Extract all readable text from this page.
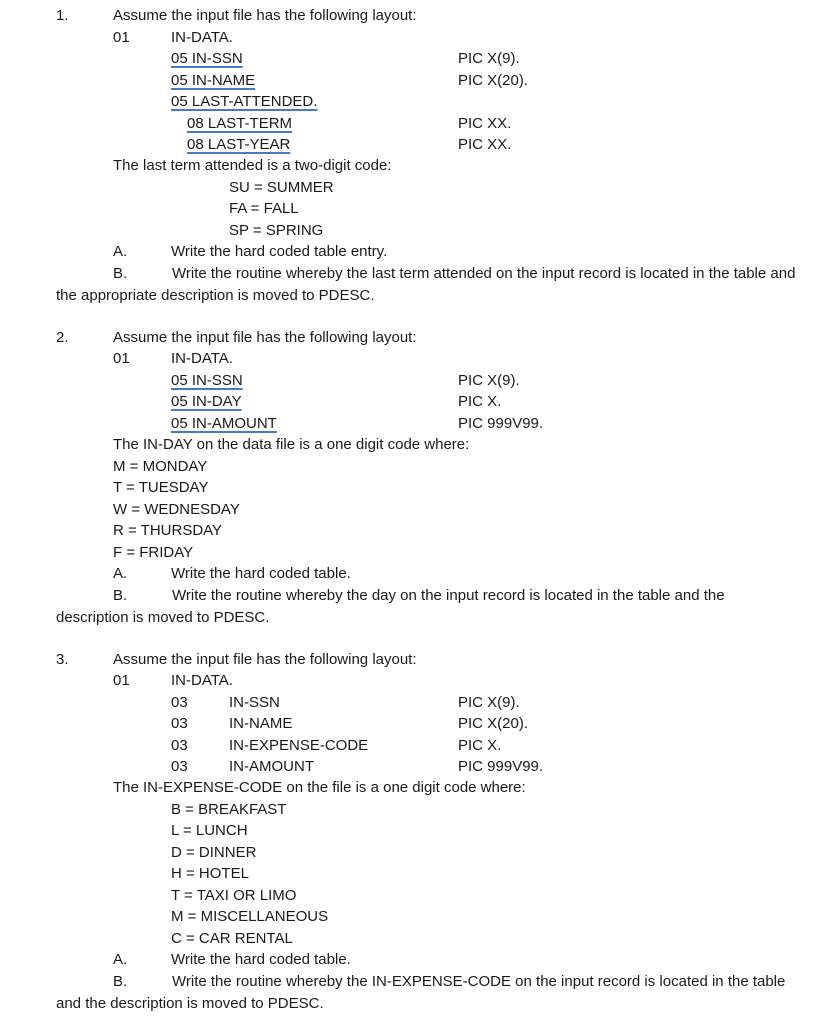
1.	Assume the input file has the following layout:
01	IN-DATA.
05 IN-SSN	PIC X(9).
05 IN-NAME	PIC X(20).
05 LAST-ATTENDED.
08 LAST-TERM	PIC XX.
08 LAST-YEAR	PIC XX.
The last term attended is a two-digit code:
SU = SUMMER
FA = FALL
SP = SPRING
A.	Write the hard coded table entry.
B.	Write the routine whereby the last term attended on the input record is located in the table and the appropriate description is moved to PDESC.
2.	Assume the input file has the following layout:
01	IN-DATA.
05 IN-SSN	PIC X(9).
05 IN-DAY	PIC X.
05 IN-AMOUNT	PIC 999V99.
The IN-DAY on the data file is a one digit code where:
M = MONDAY
T = TUESDAY
W = WEDNESDAY
R = THURSDAY
F = FRIDAY
A.	Write the hard coded table.
B.	Write the routine whereby the day on the input record is located in the table and the description is moved to PDESC.
3.	Assume the input file has the following layout:
01	IN-DATA.
03	IN-SSN	PIC X(9).
03	IN-NAME	PIC X(20).
03	IN-EXPENSE-CODE	PIC X.
03	IN-AMOUNT	PIC 999V99.
The IN-EXPENSE-CODE on the file is a one digit code where:
B = BREAKFAST
L = LUNCH
D = DINNER
H = HOTEL
T = TAXI OR LIMO
M = MISCELLANEOUS
C = CAR RENTAL
A.	Write the hard coded table.
B.	Write the routine whereby the IN-EXPENSE-CODE on the input record is located in the table and the description is moved to PDESC.
